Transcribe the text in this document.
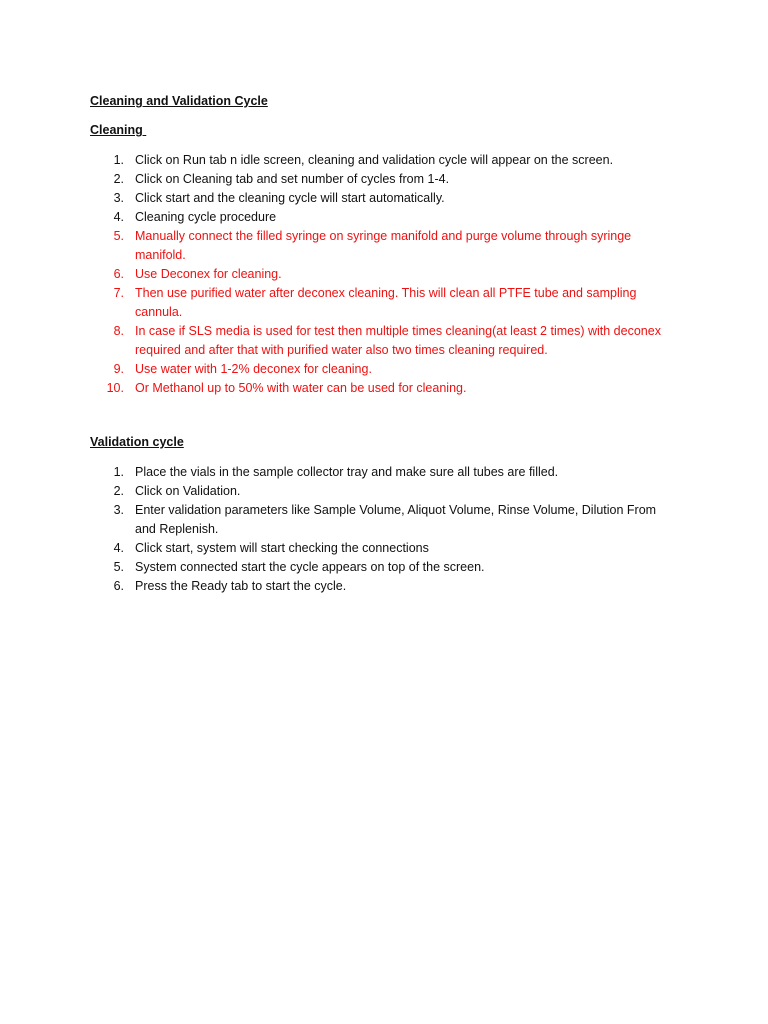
Cleaning and Validation Cycle
Cleaning
1. Click on Run tab n idle screen, cleaning and validation cycle will appear on the screen.
2. Click on Cleaning tab and set number of cycles from 1-4.
3. Click start and the cleaning cycle will start automatically.
4. Cleaning cycle procedure
5. Manually connect the filled syringe on syringe manifold and purge volume through syringe manifold.
6. Use Deconex for cleaning.
7. Then use purified water after deconex cleaning. This will clean all PTFE tube and sampling cannula.
8. In case if SLS media is used for test then multiple times cleaning(at least 2 times) with deconex required and after that with purified water also two times cleaning required.
9. Use water with 1-2% deconex for cleaning.
10. Or Methanol up to 50% with water can be used for cleaning.
Validation cycle
1. Place the vials in the sample collector tray and make sure all tubes are filled.
2. Click on Validation.
3. Enter validation parameters like Sample Volume, Aliquot Volume, Rinse Volume, Dilution From and Replenish.
4. Click start, system will start checking the connections
5. System connected start the cycle appears on top of the screen.
6. Press the Ready tab to start the cycle.
